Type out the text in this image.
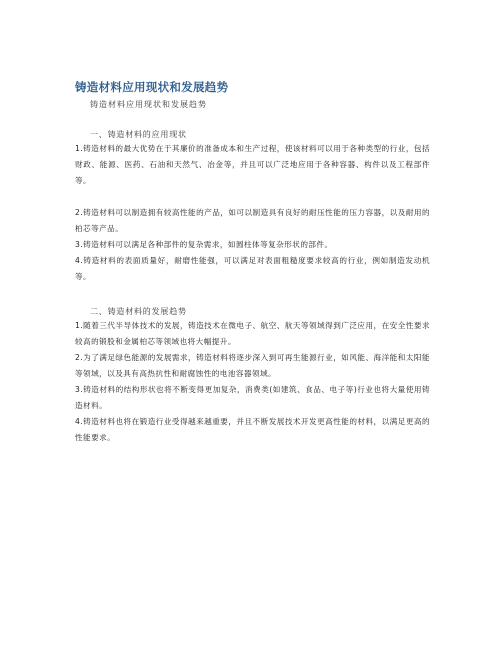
铸造材料应用现状和发展趋势
铸造材料应用现状和发展趋势
一、铸造材料的应用现状
1.铸造材料的最大优势在于其廉价的准备成本和生产过程，使该材料可以用于各种类型的行业，包括财政、能源、医药、石油和天然气、冶金等，并且可以广泛地应用于各种容器、构件以及工程部件等。
2.铸造材料可以制造拥有较高性能的产品，如可以制造具有良好的耐压性能的压力容器，以及耐用的柏芯等产品。
3.铸造材料可以满足各种部件的复杂需求，如圆柱体等复杂形状的部件。
4.铸造材料的表面质量好，耐磨性能强，可以满足对表面粗糙度要求较高的行业，例如制造发动机等。
二、铸造材料的发展趋势
1.随着三代半导体技术的发展，铸造技术在微电子、航空、航天等领域得到广泛应用，在安全性要求较高的锻股和金属柏芯等领域也将大幅提升。
2.为了满足绿色能源的发展需求，铸造材料将逐步深入到可再生能源行业，如风能、海洋能和太阳能等领域，以及具有高热抗性和耐腐蚀性的电池容器领域。
3.铸造材料的结构形状也将不断变得更加复杂，消费类(如建筑、食品、电子等)行业也将大量使用铸造材料。
4.铸造材料也将在锻造行业受得越来越重要，并且不断发展技术开发更高性能的材料，以满足更高的性能要求。
